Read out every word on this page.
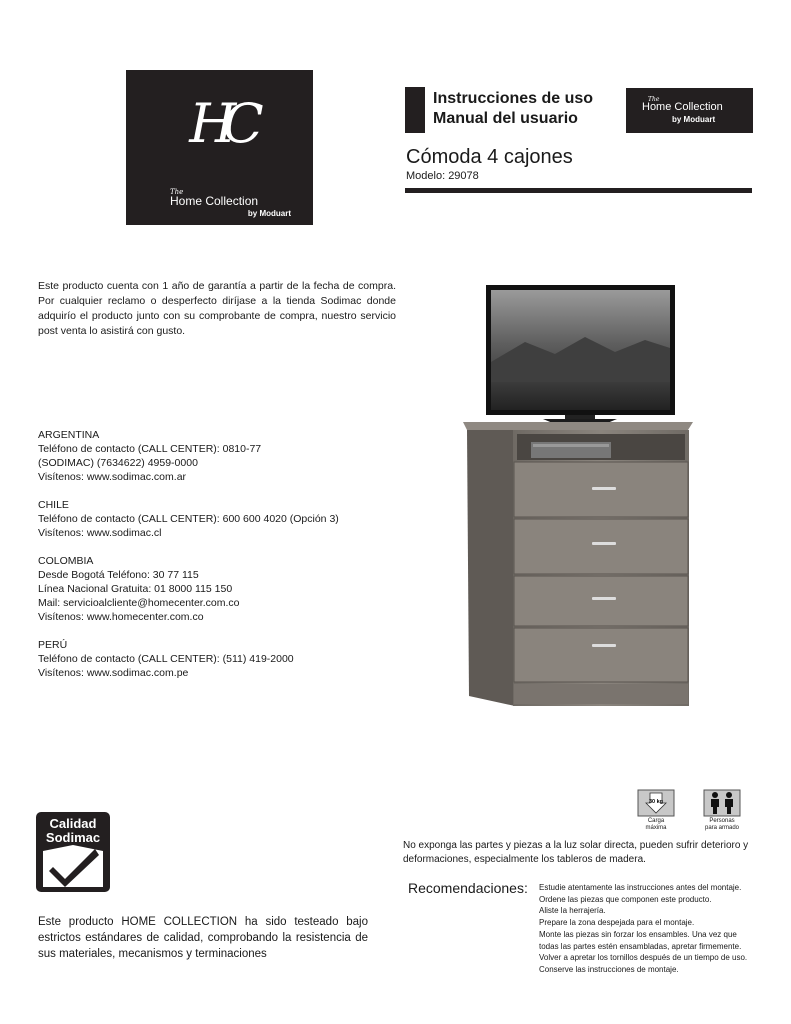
HC
The
Home Collection
by Moduart
Instrucciones de uso
Manual del usuario
The
Home Collection
by Moduart
Cómoda 4 cajones
Modelo: 29078
Este producto cuenta con 1 año de garantía a partir de la fecha de compra. Por cualquier reclamo o desperfecto diríjase a la tienda Sodimac donde adquirío el producto junto con su comprobante de compra, nuestro servicio post venta lo asistirá con gusto.
ARGENTINA
Teléfono de contacto (CALL CENTER): 0810-77
(SODIMAC) (7634622) 4959-0000
Visítenos: www.sodimac.com.ar
CHILE
Teléfono de contacto (CALL CENTER): 600 600 4020 (Opción 3)
Visítenos: www.sodimac.cl
COLOMBIA
Desde Bogotá Teléfono: 30 77 115
Línea Nacional Gratuita: 01 8000 115 150
Mail: servicioalcliente@homecenter.com.co
Visítenos: www.homecenter.com.co
PERÚ
Teléfono de contacto (CALL CENTER): (511) 419-2000
Visítenos: www.sodimac.com.pe
30 kg
Carga
máxima
Personas
para armado
No exponga las partes y piezas a la luz solar directa, pueden sufrir deterioro y deformaciones, especialmente los tableros de madera.
Recomendaciones: Estudie atentamente las instrucciones antes del montaje.
Ordene las piezas que componen este producto.
Aliste la herrajería.
Prepare la zona despejada para el montaje.
Monte las piezas sin forzar los ensambles. Una vez que
todas las partes estén ensambladas, apretar firmemente.
Volver a apretar los tornillos después de un tiempo de uso.
Conserve las instrucciones de montaje.
Calidad
Sodimac
Este producto HOME COLLECTION ha sido testeado bajo estrictos estándares de calidad, comprobando la resistencia de sus materiales, mecanismos y terminaciones
